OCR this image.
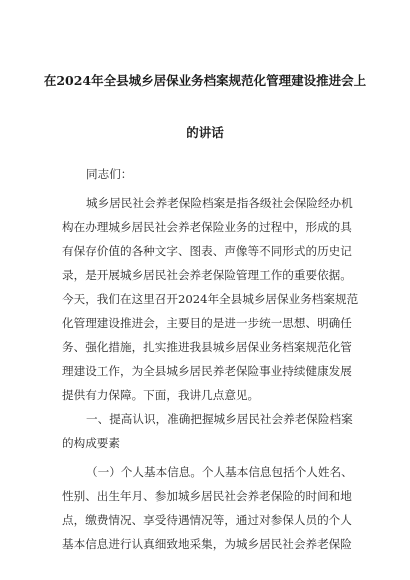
在2024年全县城乡居保业务档案规范化管理建设推进会上
的讲话
同志们：
城乡居民社会养老保险档案是指各级社会保险经办机
构在办理城乡居民社会养老保险业务的过程中，形成的具
有保存价值的各种文字、图表、声像等不同形式的历史记
录，是开展城乡居民社会养老保险管理工作的重要依据。
今天，我们在这里召开2024年全县城乡居保业务档案规范
化管理建设推进会，主要目的是进一步统一思想、明确任
务、强化措施，扎实推进我县城乡居保业务档案规范化管
理建设工作，为全县城乡居民养老保险事业持续健康发展
提供有力保障。下面，我讲几点意见。
一、提高认识，准确把握城乡居民社会养老保险档案
的构成要素
（一）个人基本信息。个人基本信息包括个人姓名、
性别、出生年月、参加城乡居民社会养老保险的时间和地
点，缴费情况、享受待遇情况等，通过对参保人员的个人
基本信息进行认真细致地采集，为城乡居民社会养老保险
